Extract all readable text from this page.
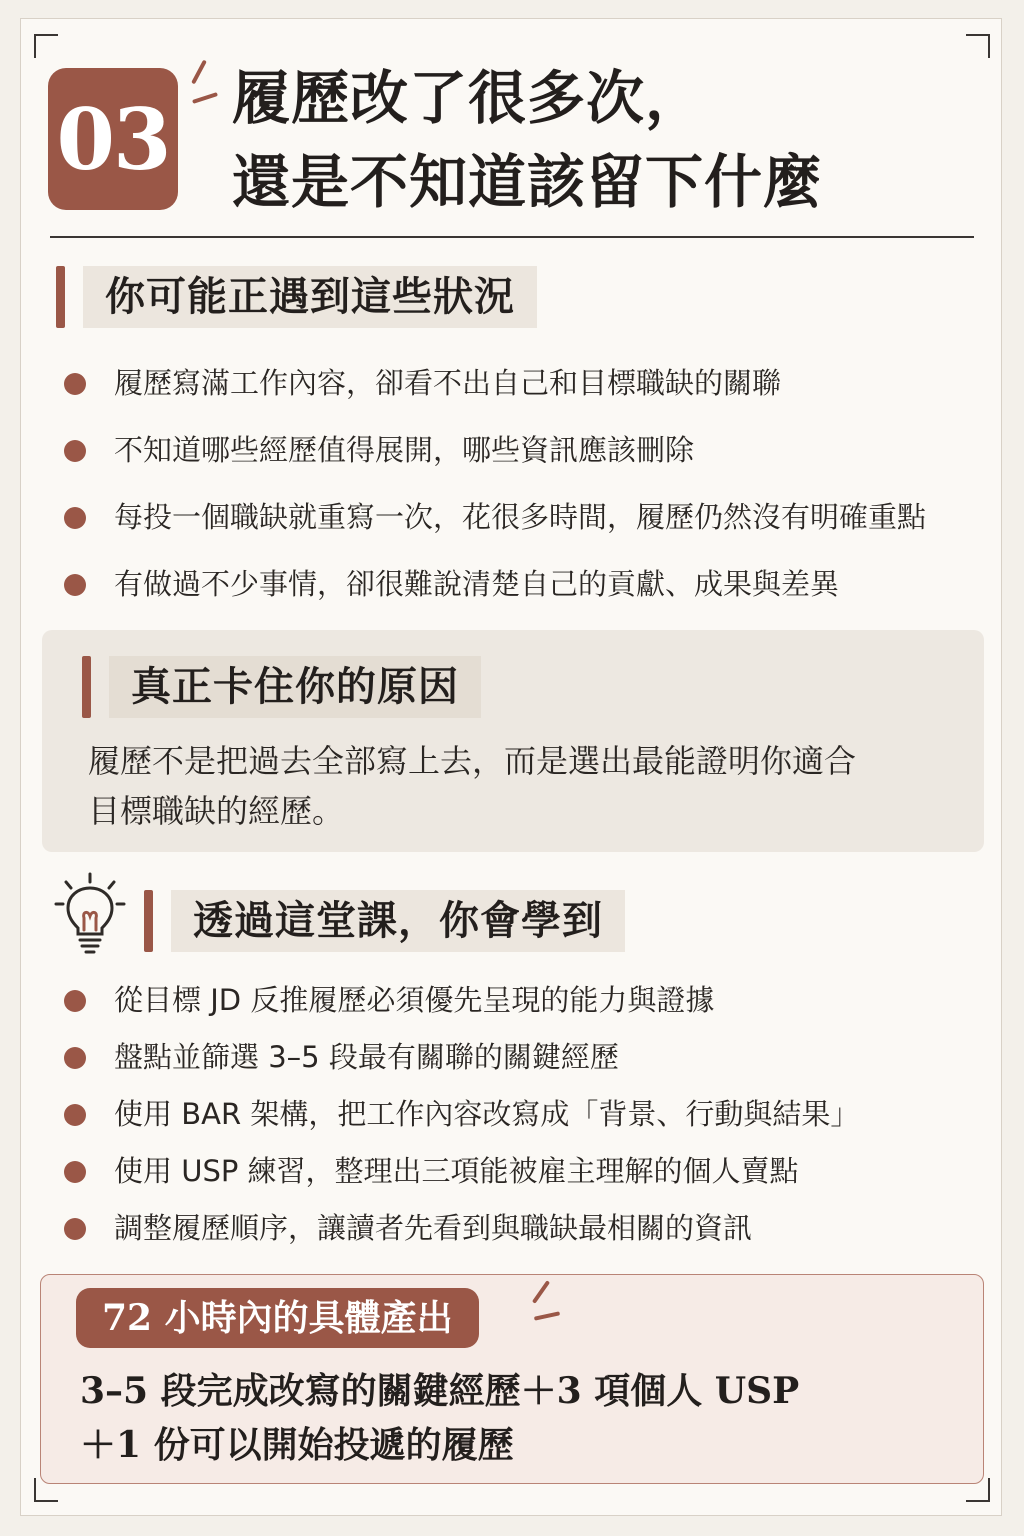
03 履歷改了很多次，
還是不知道該留下什麼
你可能正遇到這些狀況
履歷寫滿工作內容，卻看不出自己和目標職缺的關聯
不知道哪些經歷值得展開，哪些資訊應該刪除
每投一個職缺就重寫一次，花很多時間，履歷仍然沒有明確重點
有做過不少事情，卻很難說清楚自己的貢獻、成果與差異
真正卡住你的原因
履歷不是把過去全部寫上去，而是選出最能證明你適合
目標職缺的經歷。
透過這堂課，你會學到
從目標 JD 反推履歷必須優先呈現的能力與證據
盤點並篩選 3–5 段最有關聯的關鍵經歷
使用 BAR 架構，把工作內容改寫成「背景、行動與結果」
使用 USP 練習，整理出三項能被雇主理解的個人賣點
調整履歷順序，讓讀者先看到與職缺最相關的資訊
72 小時內的具體產出
3–5 段完成改寫的關鍵經歷＋3 項個人 USP
＋1 份可以開始投遞的履歷
